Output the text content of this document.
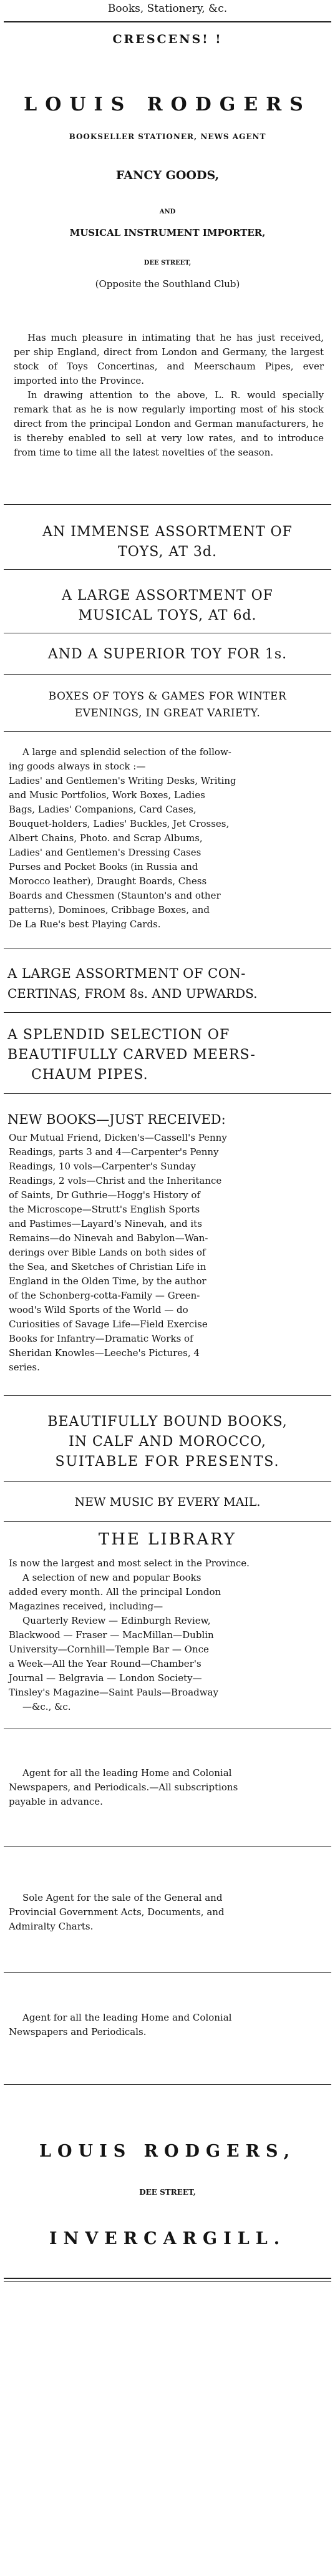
Books, Stationery, &c.
CRESCENS! !
LOUIS RODGERS
BOOKSELLER STATIONER, NEWS AGENT
FANCY GOODS,
AND
MUSICAL INSTRUMENT IMPORTER,
DEE STREET,
(Opposite the Southland Club)

Has much pleasure in intimating that he has just received, per ship England, direct from London and Germany, the largest stock of Toys Concertinas, and Meerschaum Pipes, ever imported into the Province.

In drawing attention to the above, L. R. would specially remark that as he is now regularly importing most of his stock direct from the principal London and German manufacturers, he is thereby enabled to sell at very low rates, and to introduce from time to time all the latest novelties of the season.

AN IMMENSE ASSORTMENT OF
TOYS, AT 3d.
A LARGE ASSORTMENT OF
MUSICAL TOYS, AT 6d.
AND A SUPERIOR TOY FOR 1s.
BOXES OF TOYS & GAMES FOR WINTER
EVENINGS, IN GREAT VARIETY.
A large and splendid selection of the follow-
ing goods always in stock :—
Ladies' and Gentlemen's Writing Desks, Writing
and Music Portfolios, Work Boxes, Ladies
Bags, Ladies' Companions, Card Cases,
Bouquet-holders, Ladies' Buckles, Jet Crosses,
Albert Chains, Photo. and Scrap Albums,
Ladies' and Gentlemen's Dressing Cases
Purses and Pocket Books (in Russia and
Morocco leather), Draught Boards, Chess
Boards and Chessmen (Staunton's and other
patterns), Dominoes, Cribbage Boxes, and
De La Rue's best Playing Cards.
A LARGE ASSORTMENT OF CON-
CERTINAS, FROM 8s. AND UPWARDS.
A SPLENDID SELECTION OF
BEAUTIFULLY CARVED MEERS-
CHAUM PIPES.
NEW BOOKS—JUST RECEIVED:
Our Mutual Friend, Dicken's—Cassell's Penny
Readings, parts 3 and 4—Carpenter's Penny
Readings, 10 vols—Carpenter's Sunday
Readings, 2 vols—Christ and the Inheritance
of Saints, Dr Guthrie—Hogg's History of
the Microscope—Strutt's English Sports
and Pastimes—Layard's Ninevah, and its
Remains—do Ninevah and Babylon—Wan-
derings over Bible Lands on both sides of
the Sea, and Sketches of Christian Life in
England in the Olden Time, by the author
of the Schonberg-cotta-Family — Green-
wood's Wild Sports of the World — do
Curiosities of Savage Life—Field Exercise
Books for Infantry—Dramatic Works of
Sheridan Knowles—Leeche's Pictures, 4
series.
BEAUTIFULLY BOUND BOOKS,
IN CALF AND MOROCCO,
SUITABLE FOR PRESENTS.
NEW MUSIC BY EVERY MAIL.
THE LIBRARY
Is now the largest and most select in the Province.
A selection of new and popular Books
added every month. All the principal London
Magazines received, including—
Quarterly Review — Edinburgh Review,
Blackwood — Fraser — MacMillan—Dublin
University—Cornhill—Temple Bar — Once
a Week—All the Year Round—Chamber's
Journal — Belgravia — London Society—
Tinsley's Magazine—Saint Pauls—Broadway
—&c., &c.
Agent for all the leading Home and Colonial
Newspapers, and Periodicals.—All subscriptions
payable in advance.
Sole Agent for the sale of the General and
Provincial Government Acts, Documents, and
Admiralty Charts.
Agent for all the leading Home and Colonial
Newspapers and Periodicals.
LOUIS RODGERS,
DEE STREET,
INVERCARGILL.
